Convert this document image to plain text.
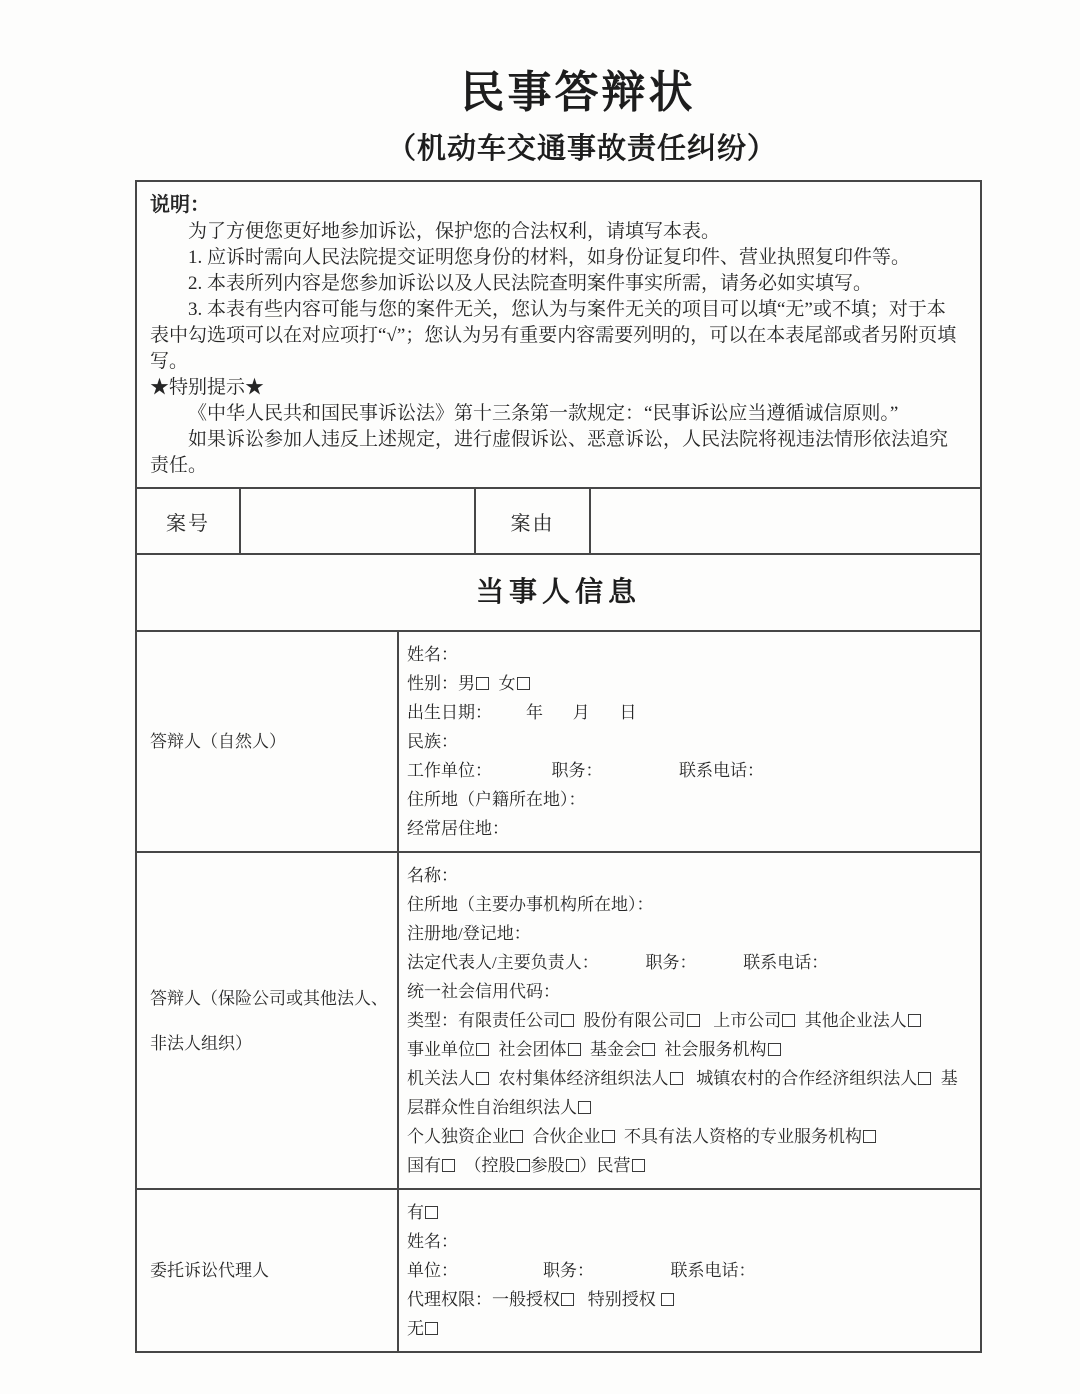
民事答辩状
（机动车交通事故责任纠纷）

说明：

为了方便您更好地参加诉讼，保护您的合法权利，请填写本表。

1. 应诉时需向人民法院提交证明您身份的材料，如身份证复印件、营业执照复印件等。

2. 本表所列内容是您参加诉讼以及人民法院查明案件事实所需，请务必如实填写。

3. 本表有些内容可能与您的案件无关，您认为与案件无关的项目可以填“无”或不填；对于本表中勾选项可以在对应项打“√”；您认为另有重要内容需要列明的，可以在本表尾部或者另附页填写。

★特别提示★

《中华人民共和国民事诉讼法》第十三条第一款规定：“民事诉讼应当遵循诚信原则。”

如果诉讼参加人违反上述规定，进行虚假诉讼、恶意诉讼，人民法院将视违法情形依法追究责任。

案号	案由
当事人信息
答辩人（自然人）
姓名：
性别：男  女
出生日期：        年       月       日
民族：
工作单位：              职务：                  联系电话：
住所地（户籍所在地）：
经常居住地：
答辩人（保险公司或其他法人、非法人组织）
名称：
住所地（主要办事机构所在地）：
注册地/登记地：
法定代表人/主要负责人：           职务：           联系电话：
统一社会信用代码：
类型：有限责任公司  股份有限公司   上市公司  其他企业法人
事业单位  社会团体  基金会  社会服务机构
机关法人  农村集体经济组织法人   城镇农村的合作经济组织法人  基层群众性自治组织法人
个人独资企业  合伙企业  不具有法人资格的专业服务机构
国有  （控股 参股 ）民营
委托诉讼代理人
有
姓名：
单位：                    职务：                  联系电话：
代理权限：一般授权   特别授权
无
